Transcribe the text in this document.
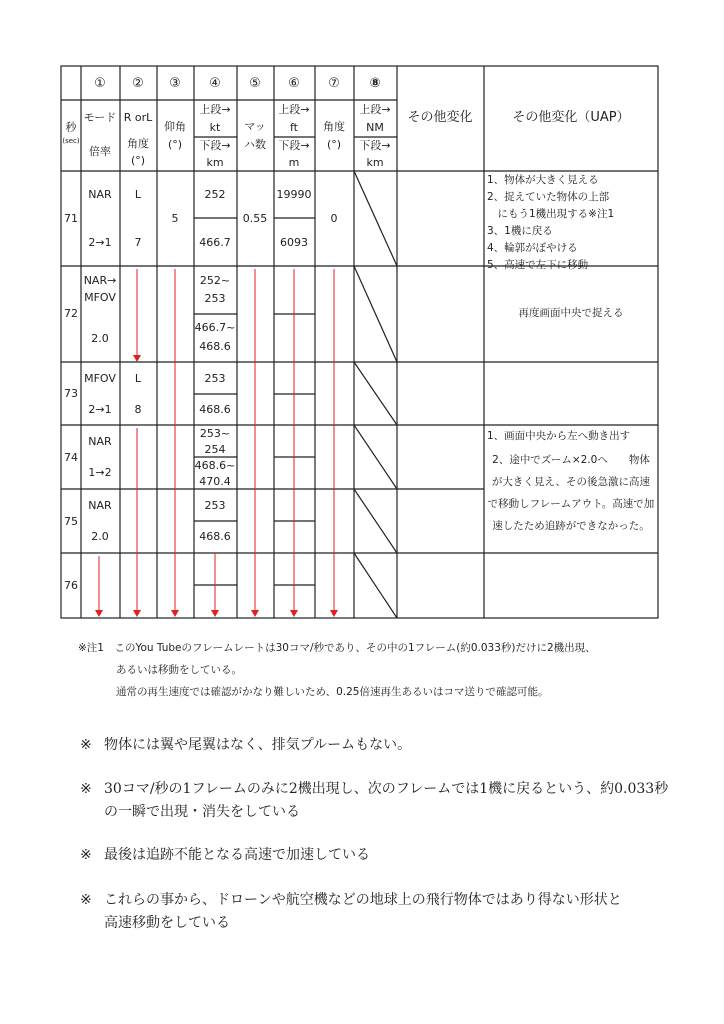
① ② ③ ④ ⑤ ⑥ ⑦ ⑧
秒
(sec)
モード
倍率
R orL
角度
(°)
仰角
(°)
上段→
kt
下段→
km
マッ
ハ数
上段→
ft
下段→
m
角度
(°)
上段→
NM
下段→
km
その他変化	その他変化（UAP）
71
NAR
2→1
L
7
5
252
466.7
0.55
19990
6093
0
1、物体が大きく見える
2、捉えていた物体の上部
　にもう1機出現する※注1
3、1機に戻る
4、輪郭がぼやける
5、高速で左下に移動
72
NAR→
MFOV
2.0
252~
253
466.7~
468.6
再度画面中央で捉える
73
MFOV
2→1
L
8
253
468.6
74
NAR
1→2
253~
254
468.6~
470.4
75
NAR
2.0
253
468.6
76
1、画面中央から左へ動き出す
2、途中でズーム×2.0へ　　物体が大きく見え、その後急激に高速で移動しフレームアウト。高速で加速したため追跡ができなかった。
※注1　このYou Tubeのフレームレートは30コマ/秒であり、その中の1フレーム(約0.033秒)だけに2機出現、
あるいは移動をしている。
通常の再生速度では確認がかなり難しいため、0.25倍速再生あるいはコマ送りで確認可能。
※ 物体には翼や尾翼はなく、排気プルームもない。
※ 30コマ/秒の1フレームのみに2機出現し、次のフレームでは1機に戻るという、約0.033秒
の一瞬で出現・消失をしている
※ 最後は追跡不能となる高速で加速している
※ これらの事から、ドローンや航空機などの地球上の飛行物体ではあり得ない形状と
高速移動をしている
